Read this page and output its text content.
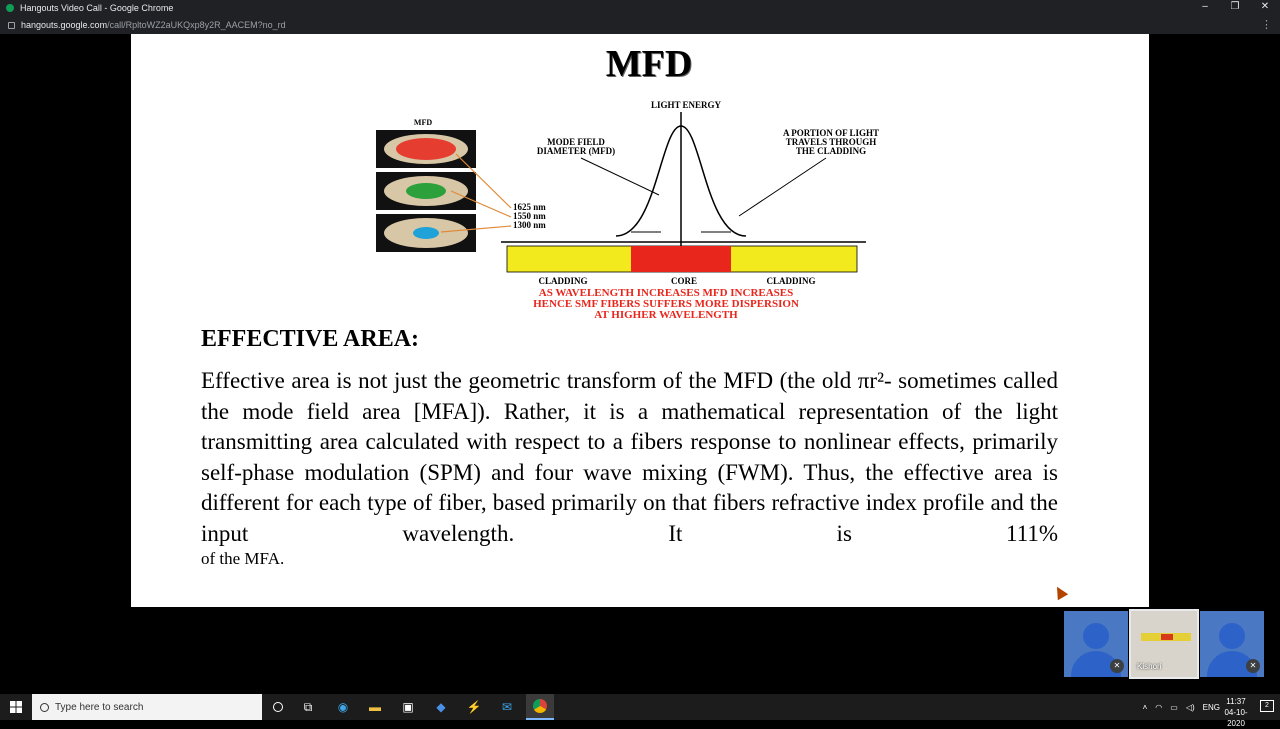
Hangouts Video Call - Google Chrome	–	❐	✕
hangouts.google.com /call/RpltoWZ2aUKQxp8y2R_AACEM?no_rd	⋮
MFD
MFD
1625 nm
1550 nm
1300 nm
LIGHT ENERGY
MODE FIELD
DIAMETER (MFD)
A PORTION OF LIGHT
TRAVELS THROUGH
THE CLADDING
CLADDING	CORE	CLADDING
AS WAVELENGTH INCREASES MFD INCREASES
HENCE SMF FIBERS SUFFERS MORE DISPERSION
AT HIGHER WAVELENGTH
EFFECTIVE AREA:
Effective area is not just the geometric transform of the MFD (the old πr²- sometimes called the mode field area [MFA]). Rather, it is a mathematical representation of the light transmitting area calculated with respect to a fibers response to nonlinear effects, primarily self-phase modulation (SPM) and four wave mixing (FWM). Thus, the effective area is different for each type of fiber, based primarily on that fibers refractive index profile and the input wavelength. It is 111%
of the MFA.
✕	Kishori	✕
Type here to search	⧉	◉	▬	▣	◆	⚡	✉	˄ ◠ ▭ ◁) ENG
11:37
04-10-2020
2
